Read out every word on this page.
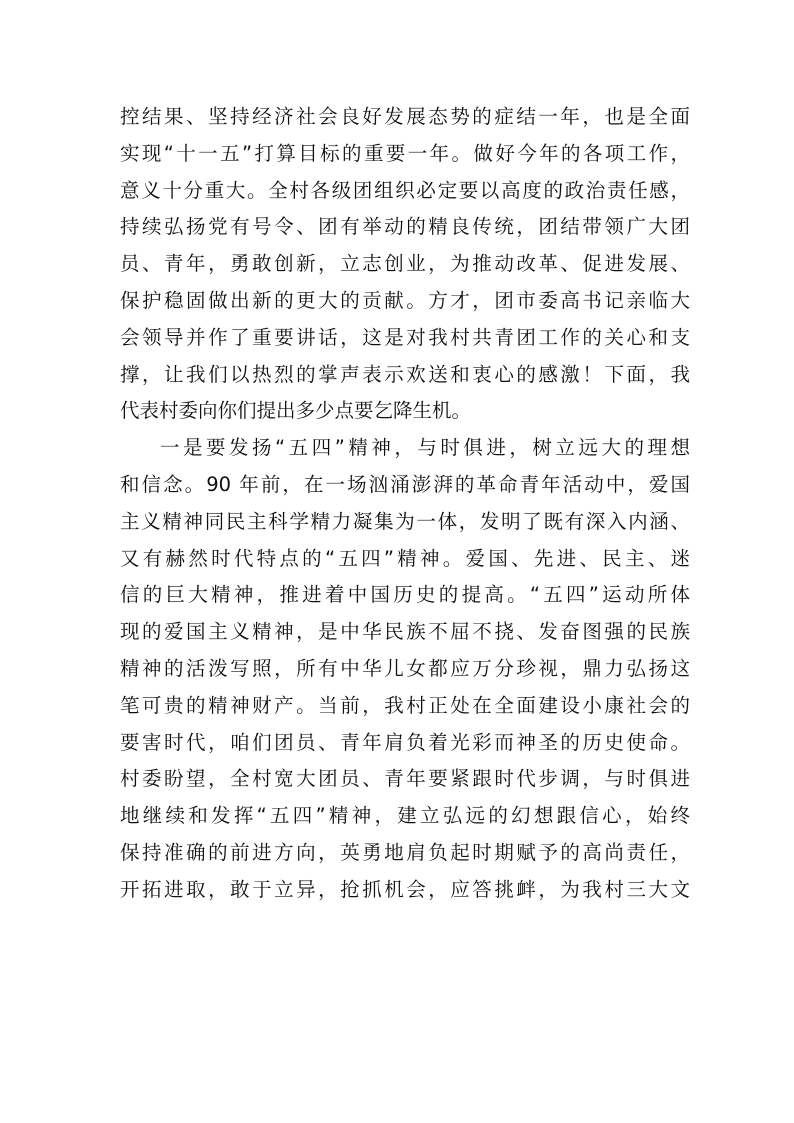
控结果、坚持经济社会良好发展态势的症结一年，也是全面
实现“十一五”打算目标的重要一年。做好今年的各项工作，
意义十分重大。全村各级团组织必定要以高度的政治责任感，
持续弘扬党有号令、团有举动的精良传统，团结带领广大团
员、青年，勇敢创新，立志创业，为推动改革、促进发展、
保护稳固做出新的更大的贡献。方才，团市委高书记亲临大
会领导并作了重要讲话，这是对我村共青团工作的关心和支
撑，让我们以热烈的掌声表示欢送和衷心的感激！下面，我
代表村委向你们提出多少点要乞降生机。
一是要发扬“五四”精神，与时俱进，树立远大的理想
和信念。90 年前，在一场汹涌澎湃的革命青年活动中，爱国
主义精神同民主科学精力凝集为一体，发明了既有深入内涵、
又有赫然时代特点的“五四”精神。爱国、先进、民主、迷
信的巨大精神，推进着中国历史的提高。“五四”运动所体
现的爱国主义精神，是中华民族不屈不挠、发奋图强的民族
精神的活泼写照，所有中华儿女都应万分珍视，鼎力弘扬这
笔可贵的精神财产。当前，我村正处在全面建设小康社会的
要害时代，咱们团员、青年肩负着光彩而神圣的历史使命。
村委盼望，全村宽大团员、青年要紧跟时代步调，与时俱进
地继续和发挥“五四”精神，建立弘远的幻想跟信心，始终
保持准确的前进方向，英勇地肩负起时期赋予的高尚责任，
开拓进取，敢于立异，抢抓机会，应答挑衅，为我村三大文
